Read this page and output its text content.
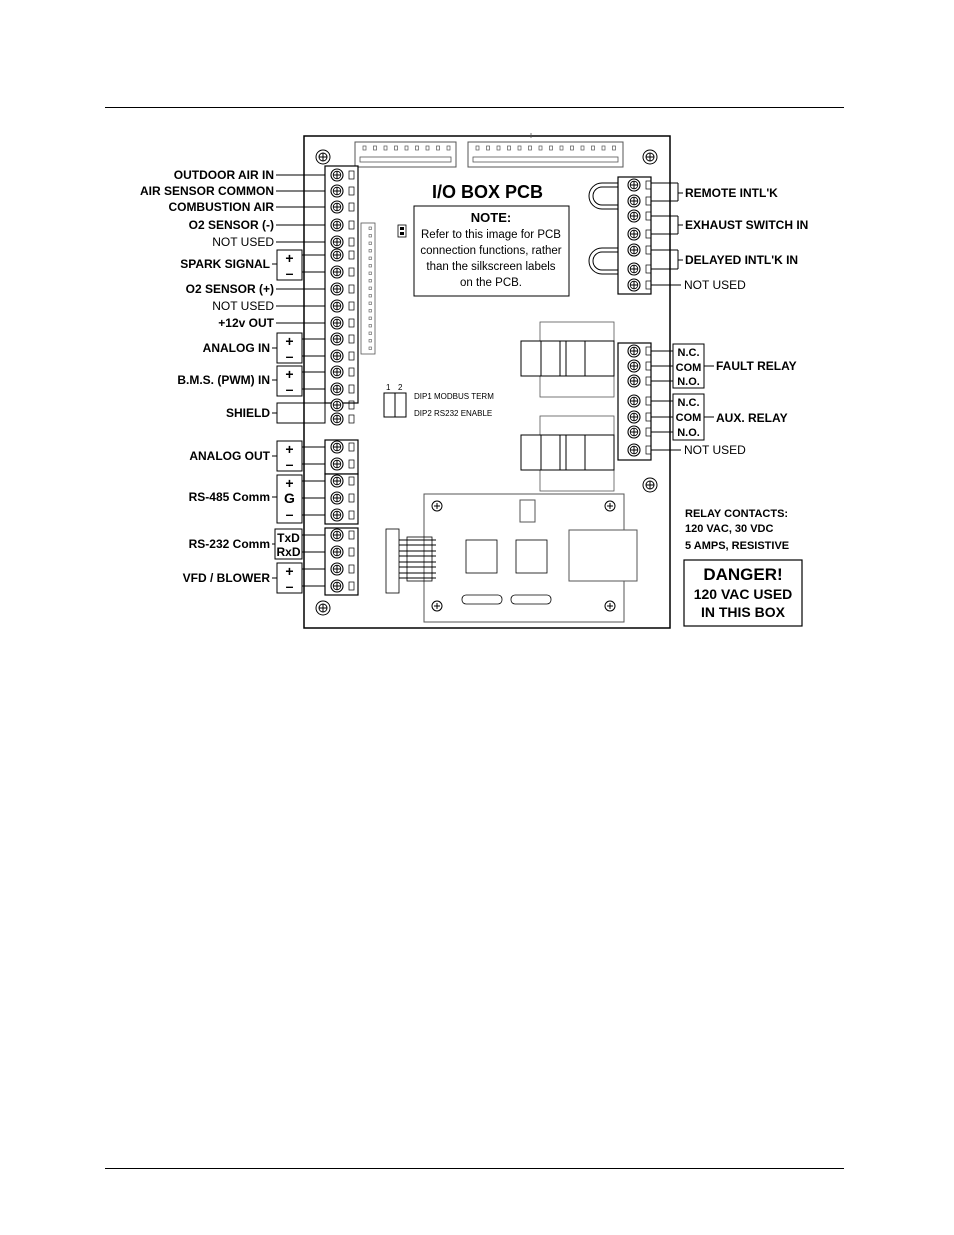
1 2
DIP1 MODBUS TERM
DIP2 RS232 ENABLE
I/O BOX PCB
NOTE:
Refer to this image for PCB
connection functions, rather
than the silkscreen labels
on the PCB.
OUTDOOR AIR IN
AIR SENSOR COMMON
COMBUSTION AIR
O2 SENSOR (-)
NOT USED
SPARK SIGNAL
O2 SENSOR (+)
NOT USED
+12v OUT
ANALOG IN
B.M.S. (PWM) IN
SHIELD
ANALOG OUT
RS-485 Comm
RS-232 Comm
VFD / BLOWER
+
–
+
–
+
–
+
–
+
G
–
TxD
RxD
+
–
REMOTE INTL'K
EXHAUST SWITCH IN
DELAYED INTL'K IN
NOT USED
N.C.
COM
N.O.
FAULT RELAY
N.C.
COM
N.O.
AUX. RELAY
NOT USED
RELAY CONTACTS:
120 VAC, 30 VDC
5 AMPS, RESISTIVE
DANGER!
120 VAC USED
IN THIS BOX
